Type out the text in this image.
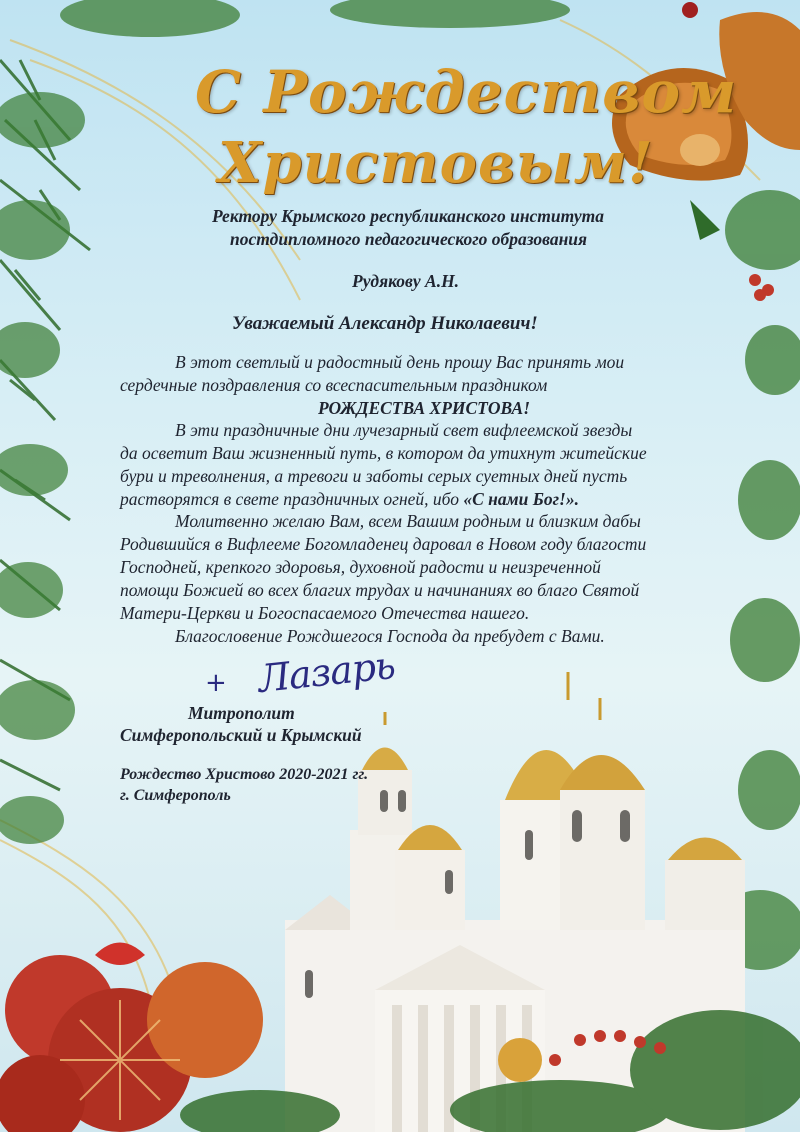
С Рождеством
Христовым!
Ректору Крымского республиканского института
постдипломного педагогического образования
Рудякову А.Н.
Уважаемый Александр Николаевич!
В этот светлый и радостный день прошу Вас принять мои
сердечные поздравления со всеспасительным праздником
РОЖДЕСТВА ХРИСТОВА!
В эти праздничные дни лучезарный свет вифлеемской звезды
да осветит Ваш жизненный путь, в котором да утихнут житейские
бури и треволнения, а тревоги и заботы серых суетных дней пусть
растворятся в свете праздничных огней, ибо «С нами Бог!».
Молитвенно желаю Вам, всем Вашим родным и близким дабы
Родившийся в Вифлееме Богомладенец даровал в Новом году благости
Господней, крепкого здоровья, духовной радости и неизреченной
помощи Божией во всех благих трудах и начинаниях во благо Святой
Матери-Церкви и Богоспасаемого Отечества нашего.
Благословение Рождшегося Господа да пребудет с Вами.
+ Лазарь
Митрополит
Симферопольский и Крымский
Рождество Христово 2020-2021 гг.
г. Симферополь
